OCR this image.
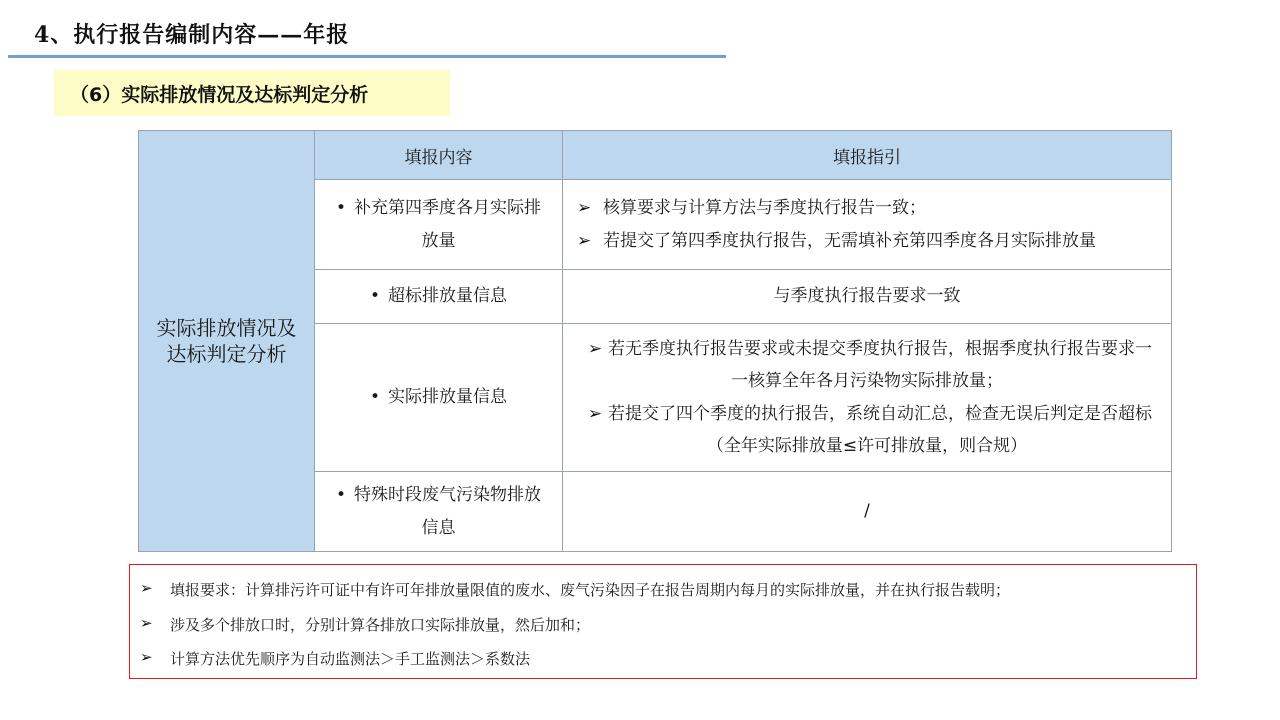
4、执行报告编制内容——年报
（6）实际排放情况及达标判定分析
实际排放情况及达标判定分析	填报内容	填报指引
	• 补充第四季度各月实际排放量	➢ 核算要求与计算方法与季度执行报告一致；
➢ 若提交了第四季度执行报告，无需填补充第四季度各月实际排放量

	• 超标排放量信息	与季度执行报告要求一致
	• 实际排放量信息	➢ 若无季度执行报告要求或未提交季度执行报告，根据季度执行报告要求一一核算全年各月污染物实际排放量；
➢ 若提交了四个季度的执行报告，系统自动汇总，检查无误后判定是否超标（全年实际排放量≤许可排放量，则合规）

	• 特殊时段废气污染物排放信息	/
➢	填报要求：计算排污许可证中有许可年排放量限值的废水、废气污染因子在报告周期内每月的实际排放量，并在执行报告载明；
➢	涉及多个排放口时，分别计算各排放口实际排放量，然后加和；
➢	计算方法优先顺序为自动监测法＞手工监测法＞系数法
